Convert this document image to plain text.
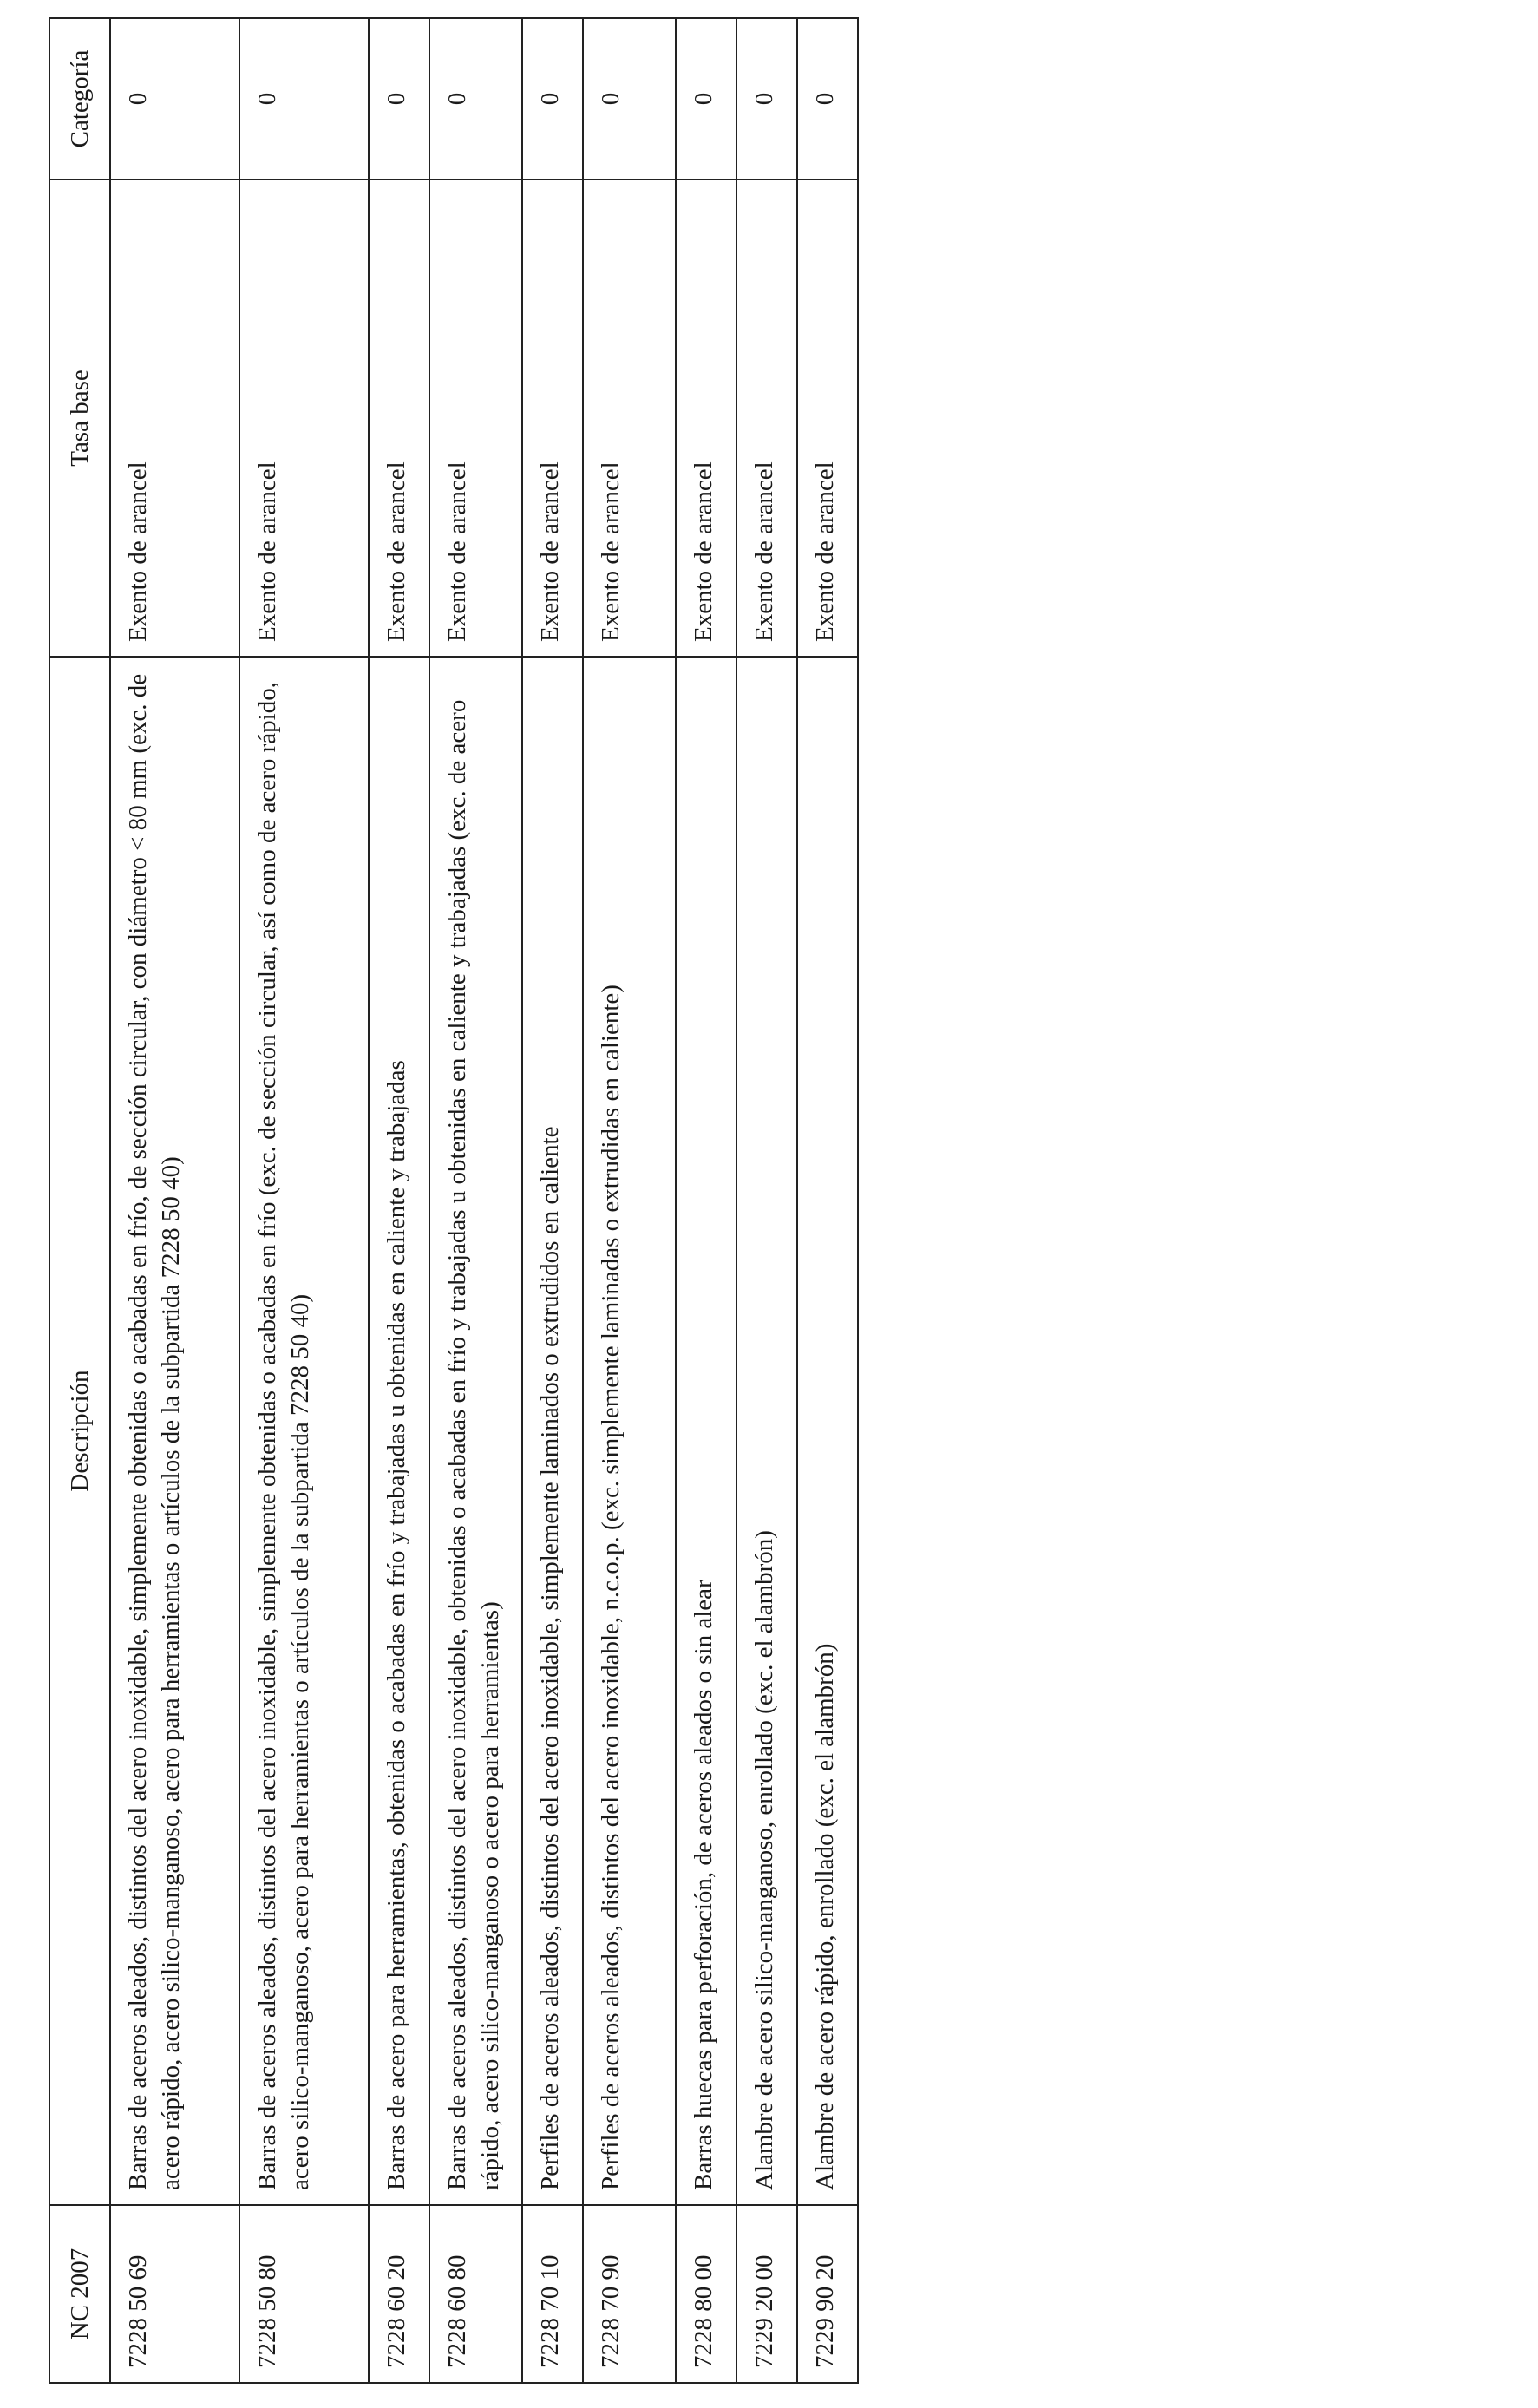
NC 2007	Descripción	Tasa base	Categoría
7228 50 69	Barras de aceros aleados, distintos del acero inoxidable, simplemente obtenidas o acabadas en frío, de sección circular, con diámetro < 80 mm (exc. de acero rápido, acero silico-manganoso, acero para herramientas o artículos de la subpartida 7228 50 40)	Exento de arancel	0
7228 50 80	Barras de aceros aleados, distintos del acero inoxidable, simplemente obtenidas o acabadas en frío (exc. de sección circular, así como de acero rápido, acero silico-manganoso, acero para herramientas o artículos de la subpartida 7228 50 40)	Exento de arancel	0
7228 60 20	Barras de acero para herramientas, obtenidas o acabadas en frío y trabajadas u obtenidas en caliente y trabajadas	Exento de arancel	0
7228 60 80	Barras de aceros aleados, distintos del acero inoxidable, obtenidas o acabadas en frío y trabajadas u obtenidas en caliente y trabajadas (exc. de acero rápido, acero silico-manganoso o acero para herramientas)	Exento de arancel	0
7228 70 10	Perfiles de aceros aleados, distintos del acero inoxidable, simplemente laminados o extrudidos en caliente	Exento de arancel	0
7228 70 90	Perfiles de aceros aleados, distintos del acero inoxidable, n.c.o.p. (exc. simplemente laminadas o extrudidas en caliente)	Exento de arancel	0
7228 80 00	Barras huecas para perforación, de aceros aleados o sin alear	Exento de arancel	0
7229 20 00	Alambre de acero silico-manganoso, enrollado (exc. el alambrón)	Exento de arancel	0
7229 90 20	Alambre de acero rápido, enrollado (exc. el alambrón)	Exento de arancel	0
